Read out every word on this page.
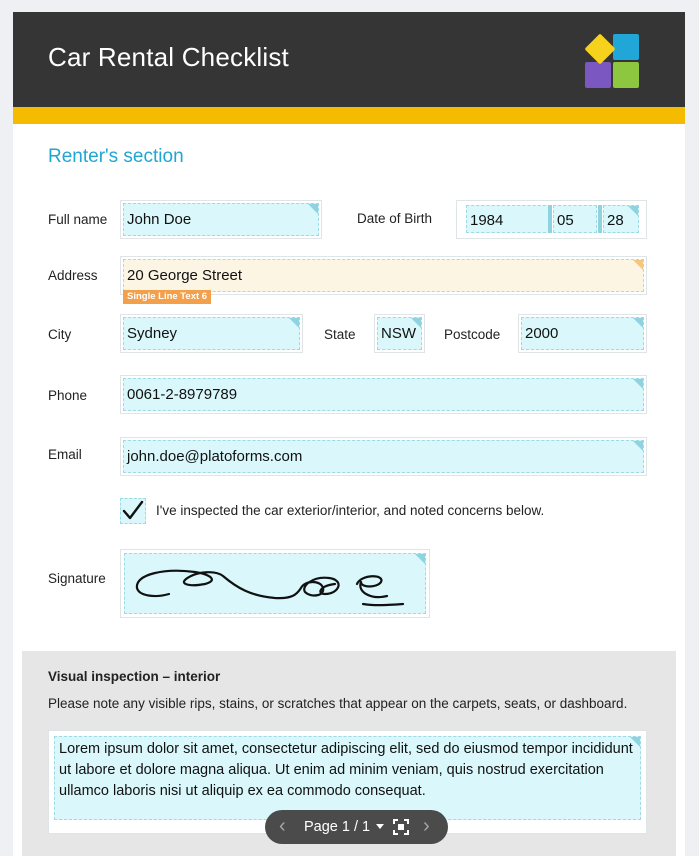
Car Rental Checklist
Renter's section
Full name John Doe	Date of Birth	1984	05	28
Address 20 George Street
Single Line Text 6
City	Sydney	State NSW	Postcode 2000
Phone	0061-2-8979789
Email	john.doe@platoforms.com
I've inspected the car exterior/interior, and noted concerns below.
Signature
Visual inspection – interior
Please note any visible rips, stains, or scratches that appear on the carpets, seats, or dashboard.
Lorem ipsum dolor sit amet, consectetur adipiscing elit, sed do eiusmod tempor incididunt ut labore et dolore magna aliqua. Ut enim ad minim veniam, quis nostrud exercitation ullamco laboris nisi ut aliquip ex ea commodo consequat.
‹ Page 1 / 1	›
